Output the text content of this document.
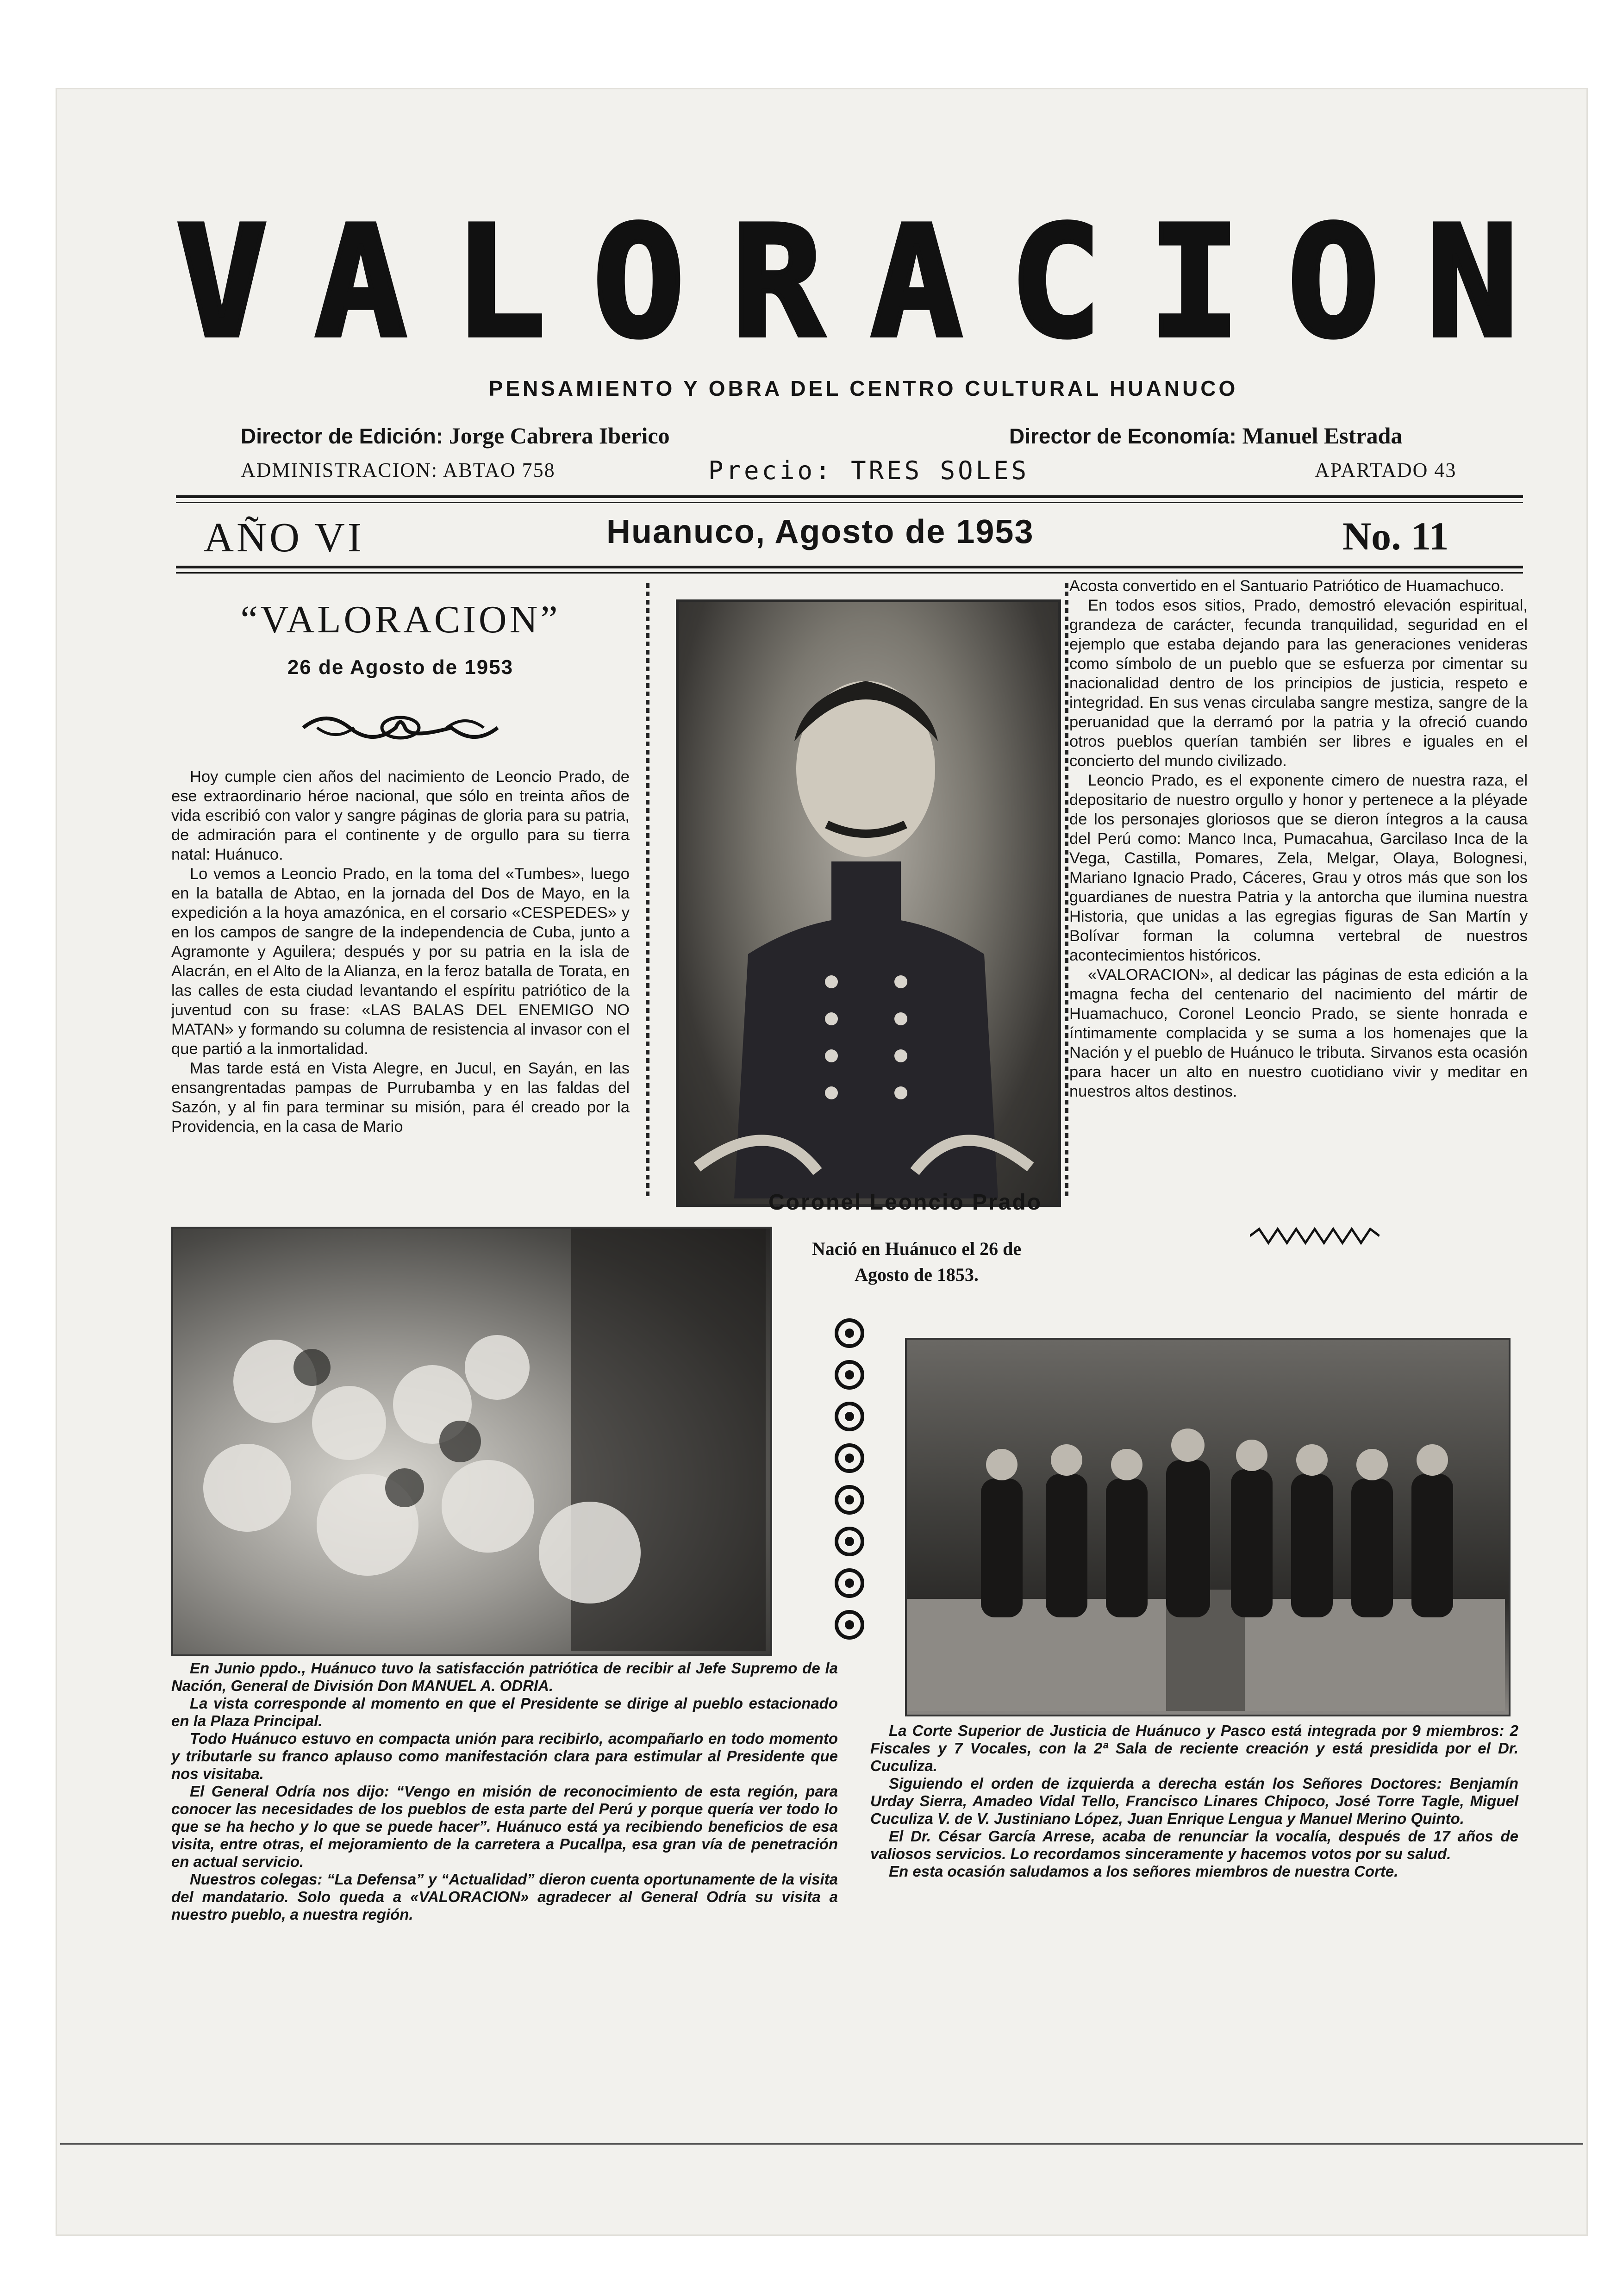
V A L O R A C I O N
PENSAMIENTO Y OBRA DEL CENTRO CULTURAL HUANUCO
Director de Edición: Jorge Cabrera Iberico	Director de Economía: Manuel Estrada
ADMINISTRACION: ABTAO 758	Precio: TRES SOLES	APARTADO 43
AÑO VI	Huanuco, Agosto de 1953	No. 11
“VALORACION”
26 de Agosto de 1953

Hoy cumple cien años del nacimiento de Leoncio Prado, de ese extraordinario héroe nacional, que sólo en treinta años de vida escribió con valor y sangre páginas de gloria para su patria, de admiración para el continente y de orgullo para su tierra natal: Huánuco.

Lo vemos a Leoncio Prado, en la toma del «Tumbes», luego en la batalla de Abtao, en la jornada del Dos de Mayo, en la expedición a la hoya amazónica, en el corsario «CESPEDES» y en los campos de sangre de la independencia de Cuba, junto a Agramonte y Aguilera; después y por su patria en la isla de Alacrán, en el Alto de la Alianza, en la feroz batalla de Torata, en las calles de esta ciudad levantando el espíritu patriótico de la juventud con su frase: «LAS BALAS DEL ENEMIGO NO MATAN» y formando su columna de resistencia al invasor con el que partió a la inmortalidad.

Mas tarde está en Vista Alegre, en Jucul, en Sayán, en las ensangrentadas pampas de Purrubamba y en las faldas del Sazón, y al fin para terminar su misión, para él creado por la Providencia, en la casa de Mario

Coronel Leoncio Prado
Nació en Huánuco el 26 de Agosto de 1853.

Acosta convertido en el Santuario Patriótico de Huamachuco.

En todos esos sitios, Prado, demostró elevación espiritual, grandeza de carácter, fecunda tranquilidad, seguridad en el ejemplo que estaba dejando para las generaciones venideras como símbolo de un pueblo que se esfuerza por cimentar su nacionalidad dentro de los principios de justicia, respeto e integridad. En sus venas circulaba sangre mestiza, sangre de la peruanidad que la derramó por la patria y la ofreció cuando otros pueblos querían también ser libres e iguales en el concierto del mundo civilizado.

Leoncio Prado, es el exponente cimero de nuestra raza, el depositario de nuestro orgullo y honor y pertenece a la pléyade de los personajes gloriosos que se dieron íntegros a la causa del Perú como: Manco Inca, Pumacahua, Garcilaso Inca de la Vega, Castilla, Pomares, Zela, Melgar, Olaya, Bolognesi, Mariano Ignacio Prado, Cáceres, Grau y otros más que son los guardianes de nuestra Patria y la antorcha que ilumina nuestra Historia, que unidas a las egregias figuras de San Martín y Bolívar forman la columna vertebral de nuestros acontecimientos históricos.

«VALORACION», al dedicar las páginas de esta edición a la magna fecha del centenario del nacimiento del mártir de Huamachuco, Coronel Leoncio Prado, se siente honrada e íntimamente complacida y se suma a los homenajes que la Nación y el pueblo de Huánuco le tributa. Sirvanos esta ocasión para hacer un alto en nuestro cuotidiano vivir y meditar en nuestros altos destinos.

En Junio ppdo., Huánuco tuvo la satisfacción patriótica de recibir al Jefe Supremo de la Nación, General de División Don MANUEL A. ODRIA.

La vista corresponde al momento en que el Presidente se dirige al pueblo estacionado en la Plaza Principal.

Todo Huánuco estuvo en compacta unión para recibirlo, acompañarlo en todo momento y tributarle su franco aplauso como manifestación clara para estimular al Presidente que nos visitaba.

El General Odría nos dijo: “Vengo en misión de reconocimiento de esta región, para conocer las necesidades de los pueblos de esta parte del Perú y porque quería ver todo lo que se ha hecho y lo que se puede hacer”. Huánuco está ya recibiendo beneficios de esa visita, entre otras, el mejoramiento de la carretera a Pucallpa, esa gran vía de penetración en actual servicio.

Nuestros colegas: “La Defensa” y “Actualidad” dieron cuenta oportunamente de la visita del mandatario. Solo queda a «VALORACION» agradecer al General Odría su visita a nuestro pueblo, a nuestra región.

La Corte Superior de Justicia de Huánuco y Pasco está integrada por 9 miembros: 2 Fiscales y 7 Vocales, con la 2ª Sala de reciente creación y está presidida por el Dr. Cuculiza.

Siguiendo el orden de izquierda a derecha están los Señores Doctores: Benjamín Urday Sierra, Amadeo Vidal Tello, Francisco Linares Chipoco, José Torre Tagle, Miguel Cuculiza V. de V. Justiniano López, Juan Enrique Lengua y Manuel Merino Quinto.

El Dr. César García Arrese, acaba de renunciar la vocalía, después de 17 años de valiosos servicios. Lo recordamos sinceramente y hacemos votos por su salud.

En esta ocasión saludamos a los señores miembros de nuestra Corte.
